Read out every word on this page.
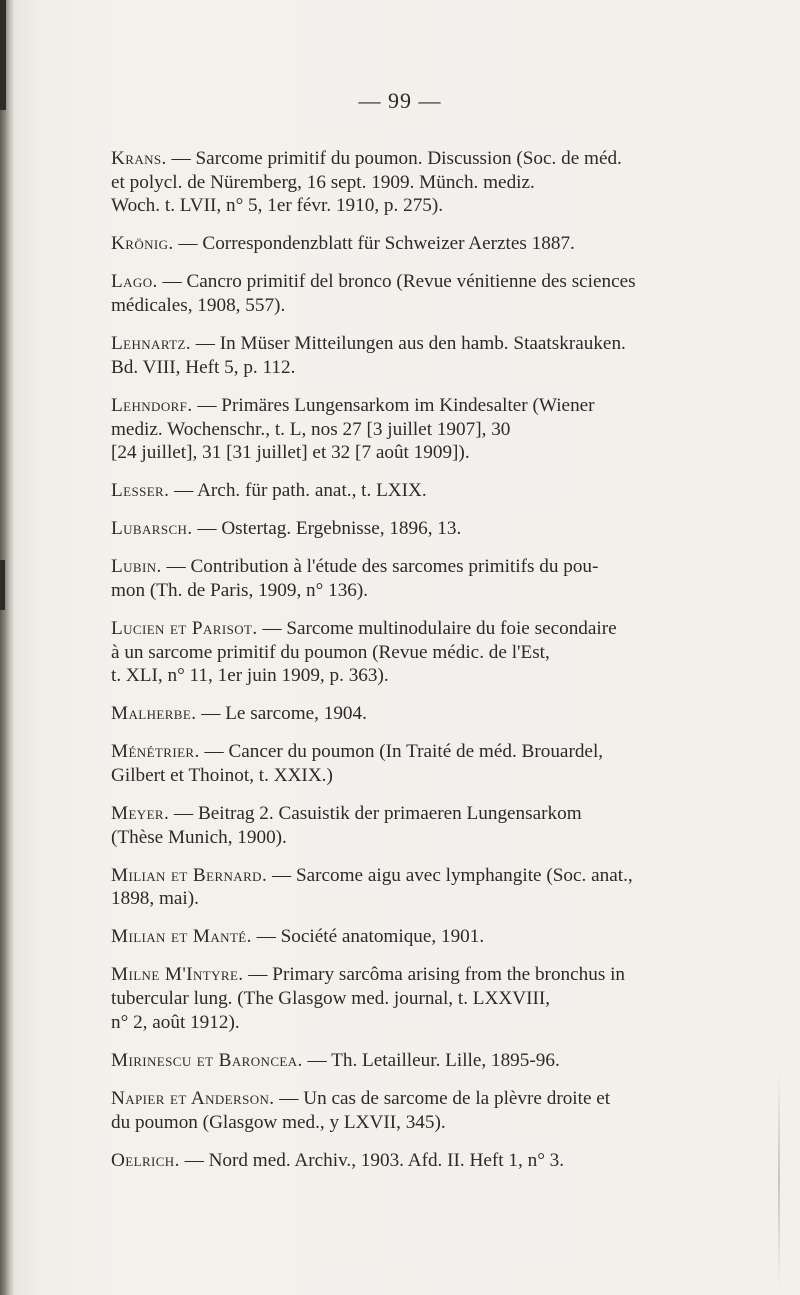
— 99 —
Krans. — Sarcome primitif du poumon. Discussion (Soc. de méd.
et polycl. de Nüremberg, 16 sept. 1909. Münch. mediz.
Woch. t. LVII, n° 5, 1er févr. 1910, p. 275).
Krönig. — Correspondenzblatt für Schweizer Aerztes 1887.
Lago. — Cancro primitif del bronco (Revue vénitienne des sciences
médicales, 1908, 557).
Lehnartz. — In Müser Mitteilungen aus den hamb. Staatskrauken.
Bd. VIII, Heft 5, p. 112.
Lehndorf. — Primäres Lungensarkom im Kindesalter (Wiener
mediz. Wochenschr., t. L, nos 27 [3 juillet 1907], 30
[24 juillet], 31 [31 juillet] et 32 [7 août 1909]).
Lesser. — Arch. für path. anat., t. LXIX.
Lubarsch. — Ostertag. Ergebnisse, 1896, 13.
Lubin. — Contribution à l'étude des sarcomes primitifs du pou-
mon (Th. de Paris, 1909, n° 136).
Lucien et Parisot. — Sarcome multinodulaire du foie secondaire
à un sarcome primitif du poumon (Revue médic. de l'Est,
t. XLI, n° 11, 1er juin 1909, p. 363).
Malherbe. — Le sarcome, 1904.
Ménétrier. — Cancer du poumon (In Traité de méd. Brouardel,
Gilbert et Thoinot, t. XXIX.)
Meyer. — Beitrag 2. Casuistik der primaeren Lungensarkom
(Thèse Munich, 1900).
Milian et Bernard. — Sarcome aigu avec lymphangite (Soc. anat.,
1898, mai).
Milian et Manté. — Société anatomique, 1901.
Milne M'Intyre. — Primary sarcôma arising from the bronchus in
tubercular lung. (The Glasgow med. journal, t. LXXVIII,
n° 2, août 1912).
Mirinescu et Baroncea. — Th. Letailleur. Lille, 1895-96.
Napier et Anderson. — Un cas de sarcome de la plèvre droite et
du poumon (Glasgow med., y LXVII, 345).
Oelrich. — Nord med. Archiv., 1903. Afd. II. Heft 1, n° 3.
